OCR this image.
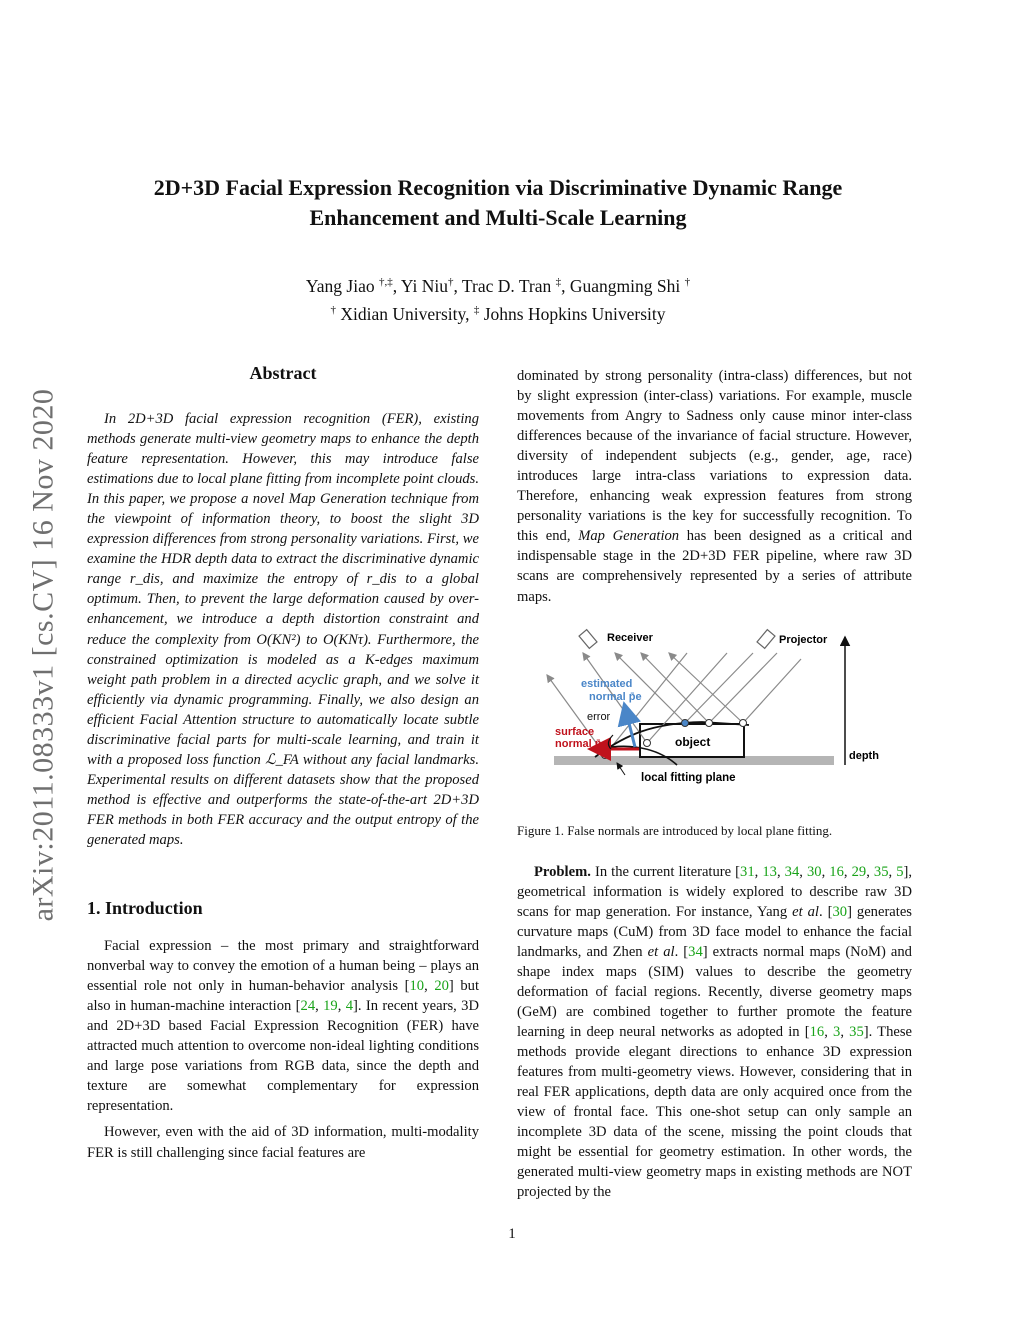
arXiv:2011.08333v1 [cs.CV] 16 Nov 2020
2D+3D Facial Expression Recognition via Discriminative Dynamic Range
Enhancement and Multi-Scale Learning
Yang Jiao †,‡, Yi Niu†, Trac D. Tran ‡, Guangming Shi †
† Xidian University, ‡ Johns Hopkins University
Abstract

In 2D+3D facial expression recognition (FER), existing methods generate multi-view geometry maps to enhance the depth feature representation. However, this may introduce false estimations due to local plane fitting from incomplete point clouds. In this paper, we propose a novel Map Generation technique from the viewpoint of information theory, to boost the slight 3D expression differences from strong personality variations. First, we examine the HDR depth data to extract the discriminative dynamic range r_dis, and maximize the entropy of r_dis to a global optimum. Then, to prevent the large deformation caused by over-enhancement, we introduce a depth distortion constraint and reduce the complexity from O(KN²) to O(KNτ). Furthermore, the constrained optimization is modeled as a K-edges maximum weight path problem in a directed acyclic graph, and we solve it efficiently via dynamic programming. Finally, we also design an efficient Facial Attention structure to automatically locate subtle discriminative facial parts for multi-scale learning, and train it with a proposed loss function ℒ_FA without any facial landmarks. Experimental results on different datasets show that the proposed method is effective and outperforms the state-of-the-art 2D+3D FER methods in both FER accuracy and the output entropy of the generated maps.

1. Introduction

Facial expression – the most primary and straightforward nonverbal way to convey the emotion of a human being – plays an essential role not only in human-behavior analysis [10, 20] but also in human-machine interaction [24, 19, 4]. In recent years, 3D and 2D+3D based Facial Expression Recognition (FER) have attracted much attention to overcome non-ideal lighting conditions and large pose variations from RGB data, since the depth and texture are somewhat complementary for expression representation.

However, even with the aid of 3D information, multi-modality FER is still challenging since facial features are

dominated by strong personality (intra-class) differences, but not by slight expression (inter-class) variations. For example, muscle movements from Angry to Sadness only cause minor inter-class differences because of the invariance of facial structure. However, diversity of independent subjects (e.g., gender, age, race) introduces large intra-class variations to expression data. Therefore, enhancing weak expression features from strong personality variations is the key for successfully recognition. To this end, Map Generation has been designed as a critical and indispensable stage in the 2D+3D FER pipeline, where raw 3D scans are comprehensively represented by a series of attribute maps.

Receiver	Projector
estimated
normal p̄e
error
surface
normal p̄	object
depth
local fitting plane

Figure 1. False normals are introduced by local plane fitting.

Problem. In the current literature [31, 13, 34, 30, 16, 29, 35, 5], geometrical information is widely explored to describe raw 3D scans for map generation. For instance, Yang et al. [30] generates curvature maps (CuM) from 3D face model to enhance the facial landmarks, and Zhen et al. [34] extracts normal maps (NoM) and shape index maps (SIM) values to describe the geometry deformation of facial regions. Recently, diverse geometry maps (GeM) are combined together to further promote the feature learning in deep neural networks as adopted in [16, 3, 35]. These methods provide elegant directions to enhance 3D expression features from multi-geometry views. However, considering that in real FER applications, depth data are only acquired once from the view of frontal face. This one-shot setup can only sample an incomplete 3D data of the scene, missing the point clouds that might be essential for geometry estimation. In other words, the generated multi-view geometry maps in existing methods are NOT projected by the

1
